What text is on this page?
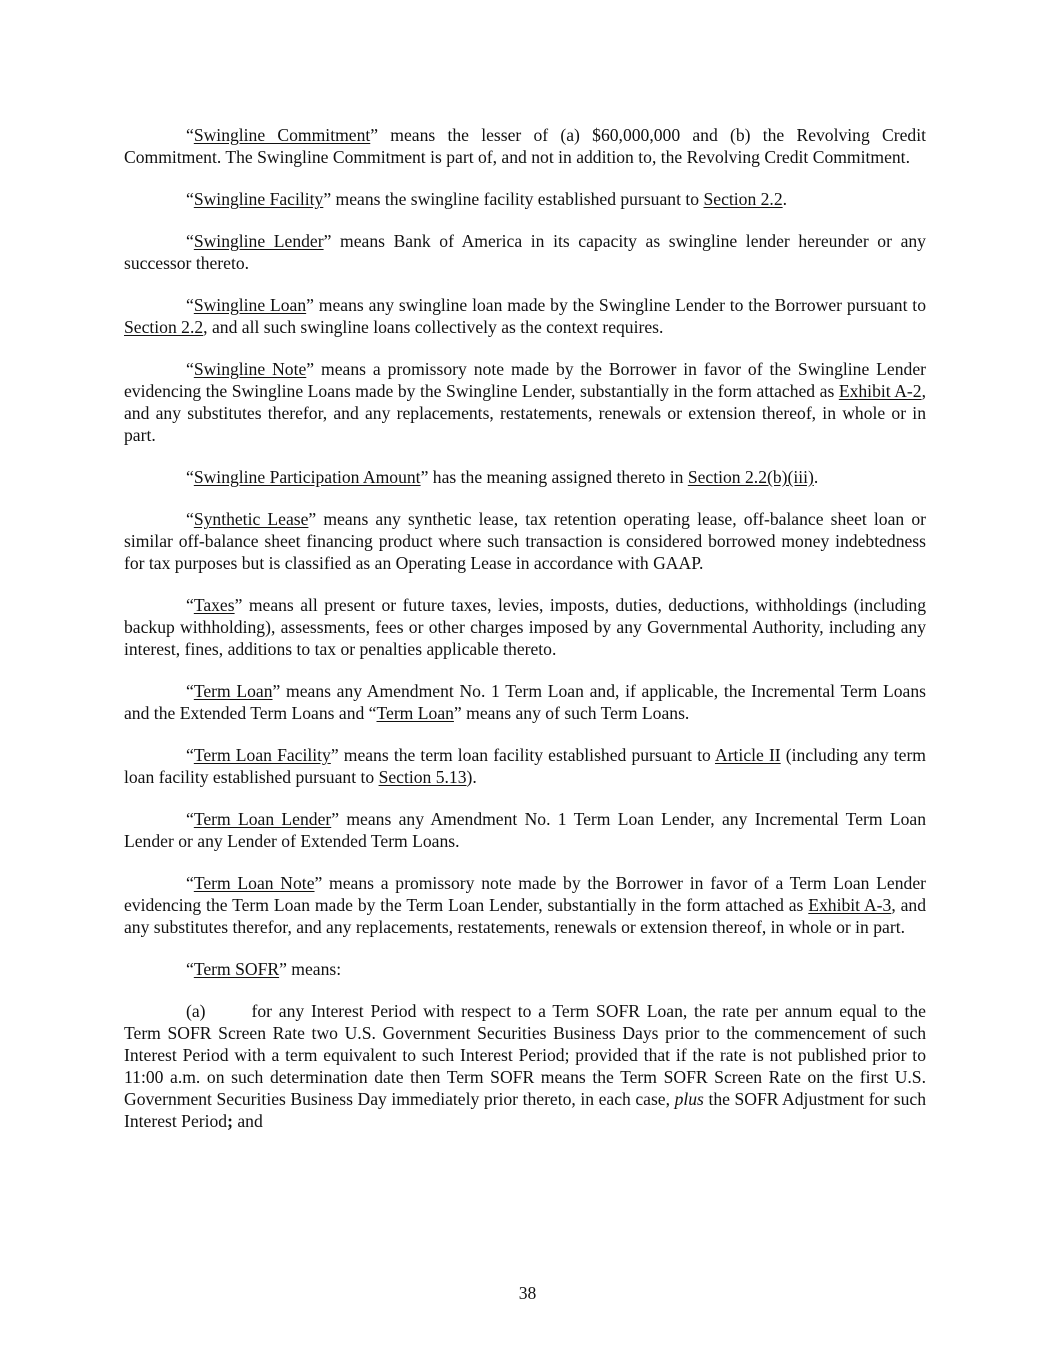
“Swingline Commitment” means the lesser of (a) $60,000,000 and (b) the Revolving Credit Commitment. The Swingline Commitment is part of, and not in addition to, the Revolving Credit Commitment.

“Swingline Facility” means the swingline facility established pursuant to Section 2.2.

“Swingline Lender” means Bank of America in its capacity as swingline lender hereunder or any successor thereto.

“Swingline Loan” means any swingline loan made by the Swingline Lender to the Borrower pursuant to Section 2.2, and all such swingline loans collectively as the context requires.

“Swingline Note” means a promissory note made by the Borrower in favor of the Swingline Lender evidencing the Swingline Loans made by the Swingline Lender, substantially in the form attached as Exhibit A-2, and any substitutes therefor, and any replacements, restatements, renewals or extension thereof, in whole or in part.

“Swingline Participation Amount” has the meaning assigned thereto in Section 2.2(b)(iii).

“Synthetic Lease” means any synthetic lease, tax retention operating lease, off-balance sheet loan or similar off-balance sheet financing product where such transaction is considered borrowed money indebtedness for tax purposes but is classified as an Operating Lease in accordance with GAAP.

“Taxes” means all present or future taxes, levies, imposts, duties, deductions, withholdings (including backup withholding), assessments, fees or other charges imposed by any Governmental Authority, including any interest, fines, additions to tax or penalties applicable thereto.

“Term Loan” means any Amendment No. 1 Term Loan and, if applicable, the Incremental Term Loans and the Extended Term Loans and “Term Loan” means any of such Term Loans.

“Term Loan Facility” means the term loan facility established pursuant to Article II (including any term loan facility established pursuant to Section 5.13).

“Term Loan Lender” means any Amendment No. 1 Term Loan Lender, any Incremental Term Loan Lender or any Lender of Extended Term Loans.

“Term Loan Note” means a promissory note made by the Borrower in favor of a Term Loan Lender evidencing the Term Loan made by the Term Loan Lender, substantially in the form attached as Exhibit A-3, and any substitutes therefor, and any replacements, restatements, renewals or extension thereof, in whole or in part.

“Term SOFR” means:

(a)	for any Interest Period with respect to a Term SOFR Loan, the rate per annum equal to the Term SOFR Screen Rate two U.S. Government Securities Business Days prior to the commencement of such Interest Period with a term equivalent to such Interest Period; provided that if the rate is not published prior to 11:00 a.m. on such determination date then Term SOFR means the Term SOFR Screen Rate on the first U.S. Government Securities Business Day immediately prior thereto, in each case, plus the SOFR Adjustment for such Interest Period; and

38
